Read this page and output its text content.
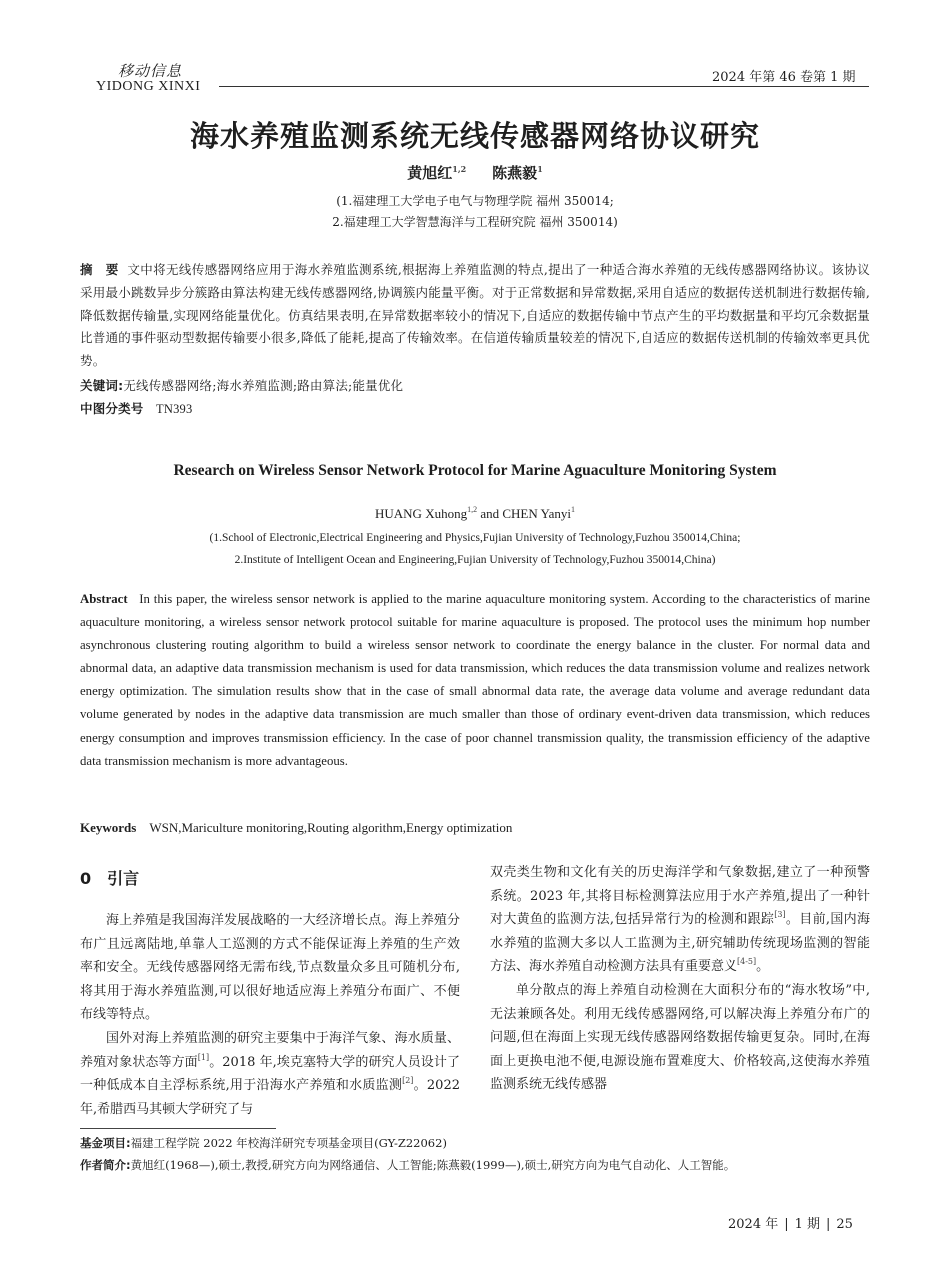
移动信息
YIDONG XINXI
2024 年第 46 卷第 1 期
海水养殖监测系统无线传感器网络协议研究
黄旭红$^{1,2}$ 陈燕毅$^1$
(1.福建理工大学电子电气与物理学院 福州 350014;
2.福建理工大学智慧海洋与工程研究院 福州 350014)
摘　要 文中将无线传感器网络应用于海水养殖监测系统,根据海上养殖监测的特点,提出了一种适合海水养殖的无线传感器网络协议。该协议采用最小跳数异步分簇路由算法构建无线传感器网络,协调簇内能量平衡。对于正常数据和异常数据,采用自适应的数据传送机制进行数据传输,降低数据传输量,实现网络能量优化。仿真结果表明,在异常数据率较小的情况下,自适应的数据传输中节点产生的平均数据量和平均冗余数据量比普通的事件驱动型数据传输要小很多,降低了能耗,提高了传输效率。在信道传输质量较差的情况下,自适应的数据传送机制的传输效率更具优势。
关键词:无线传感器网络;海水养殖监测;路由算法;能量优化
中图分类号 TN393
Research on Wireless Sensor Network Protocol for Marine Aguaculture Monitoring System
HUANG Xuhong$^{1,2}$ and CHEN Yanyi$^1$
(1.School of Electronic,Electrical Engineering and Physics,Fujian University of Technology,Fuzhou 350014,China;
2.Institute of Intelligent Ocean and Engineering,Fujian University of Technology,Fuzhou 350014,China)
Abstract In this paper, the wireless sensor network is applied to the marine aquaculture monitoring system. According to the characteristics of marine aquaculture monitoring, a wireless sensor network protocol suitable for marine aquaculture is proposed. The protocol uses the minimum hop number asynchronous clustering routing algorithm to build a wireless sensor network to coordinate the energy balance in the cluster. For normal data and abnormal data, an adaptive data transmission mechanism is used for data transmission, which reduces the data transmission volume and realizes network energy optimization. The simulation results show that in the case of small abnormal data rate, the average data volume and average redundant data volume generated by nodes in the adaptive data transmission are much smaller than those of ordinary event-driven data transmission, which reduces energy consumption and improves transmission efficiency. In the case of poor channel transmission quality, the transmission efficiency of the adaptive data transmission mechanism is more advantageous.
Keywords WSN,Mariculture monitoring,Routing algorithm,Energy optimization
0 引言

海上养殖是我国海洋发展战略的一大经济增长点。海上养殖分布广且远离陆地,单靠人工巡测的方式不能保证海上养殖的生产效率和安全。无线传感器网络无需布线,节点数量众多且可随机分布,将其用于海水养殖监测,可以很好地适应海上养殖分布面广、不便布线等特点。

国外对海上养殖监测的研究主要集中于海洋气象、海水质量、养殖对象状态等方面[1]。2018 年,埃克塞特大学的研究人员设计了一种低成本自主浮标系统,用于沿海水产养殖和水质监测[2]。2022 年,希腊西马其顿大学研究了与

双壳类生物和文化有关的历史海洋学和气象数据,建立了一种预警系统。2023 年,其将目标检测算法应用于水产养殖,提出了一种针对大黄鱼的监测方法,包括异常行为的检测和跟踪[3]。目前,国内海水养殖的监测大多以人工监测为主,研究辅助传统现场监测的智能方法、海水养殖自动检测方法具有重要意义[4-5]。

单分散点的海上养殖自动检测在大面积分布的“海水牧场”中,无法兼顾各处。利用无线传感器网络,可以解决海上养殖分布广的问题,但在海面上实现无线传感器网络数据传输更复杂。同时,在海面上更换电池不便,电源设施布置难度大、价格较高,这使海水养殖监测系统无线传感器

基金项目:福建工程学院 2022 年校海洋研究专项基金项目(GY-Z22062)
作者简介:黄旭红(1968—),硕士,教授,研究方向为网络通信、人工智能;陈燕毅(1999—),硕士,研究方向为电气自动化、人工智能。
2024 年 | 1 期 | 25
